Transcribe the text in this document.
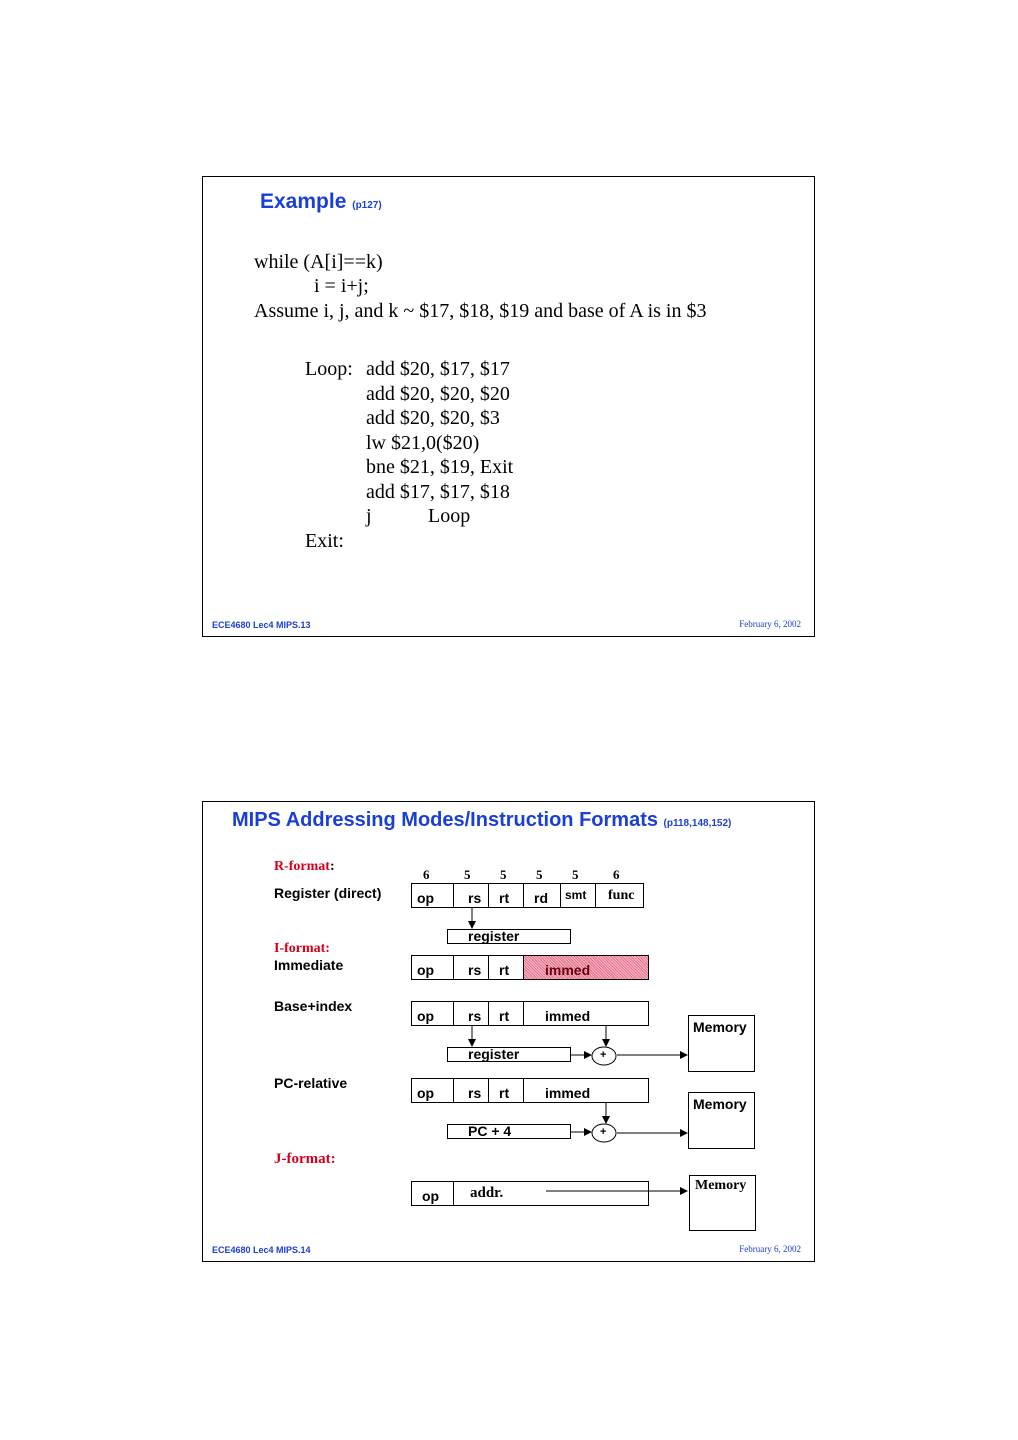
Example (p127)
while (A[i]==k)
i = i+j;
Assume i, j, and k ~ $17, $18, $19 and base of A is in $3
Loop: add $20, $17, $17
add $20, $20, $20
add $20, $20, $3
lw $21,0($20)
bne $21, $19, Exit
add $17, $17, $18
j	Loop
Exit:
ECE4680 Lec4 MIPS.13	February 6, 2002
MIPS Addressing Modes/Instruction Formats (p118,148,152)
R-format:
Register (direct)
I-format:
Immediate
Base+index
PC-relative
J-format:
ECE4680 Lec4 MIPS.14	February 6, 2002
6	5 5 5 5	6
op rs rt rd smt func
register
op rs rt	immed
op rs rt	immed
register	+
Memory
op rs rt	immed
PC + 4	+
Memory
op addr.	Memory
